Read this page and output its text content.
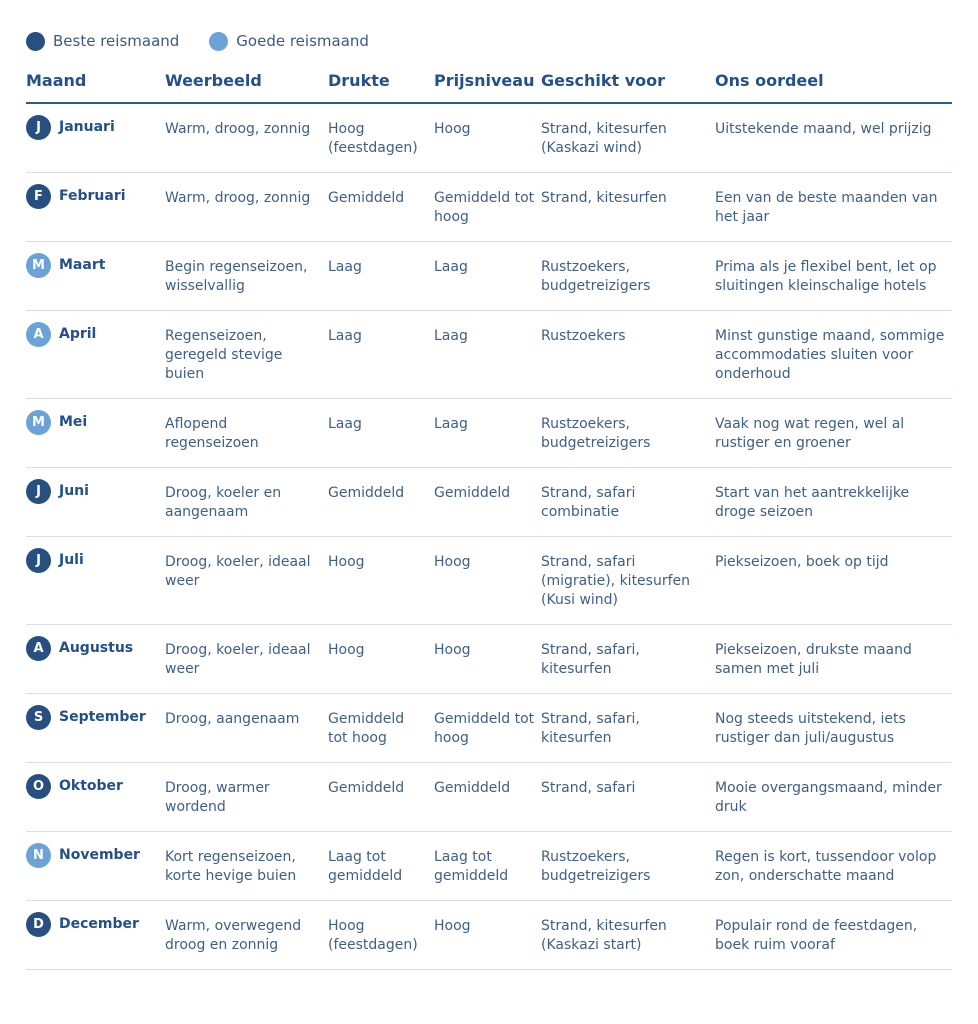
Beste reismaand	Goede reismaand
Maand	Weerbeeld	Drukte	Prijsniveau	Geschikt voor	Ons oordeel

J Januari	Warm, droog, zonnig	Hoog (feestdagen)	Hoog	Strand, kitesurfen (Kaskazi wind)	Uitstekende maand, wel prijzig

F Februari	Warm, droog, zonnig	Gemiddeld	Gemiddeld tot hoog	Strand, kitesurfen	Een van de beste maanden van het jaar

M Maart	Begin regenseizoen, wisselvallig	Laag	Laag	Rustzoekers, budgetreizigers	Prima als je flexibel bent, let op sluitingen kleinschalige hotels

A April	Regenseizoen, geregeld stevige buien	Laag	Laag	Rustzoekers	Minst gunstige maand, sommige accommodaties sluiten voor onderhoud

M Mei	Aflopend regenseizoen	Laag	Laag	Rustzoekers, budgetreizigers	Vaak nog wat regen, wel al rustiger en groener

J Juni	Droog, koeler en aangenaam	Gemiddeld	Gemiddeld	Strand, safari combinatie	Start van het aantrekkelijke droge seizoen

J Juli	Droog, koeler, ideaal weer	Hoog	Hoog	Strand, safari (migratie), kitesurfen (Kusi wind)	Piekseizoen, boek op tijd

A Augustus	Droog, koeler, ideaal weer	Hoog	Hoog	Strand, safari, kitesurfen	Piekseizoen, drukste maand samen met juli

S September	Droog, aangenaam	Gemiddeld tot hoog	Gemiddeld tot hoog	Strand, safari, kitesurfen	Nog steeds uitstekend, iets rustiger dan juli/augustus

O Oktober	Droog, warmer wordend	Gemiddeld	Gemiddeld	Strand, safari	Mooie overgangsmaand, minder druk

N November	Kort regenseizoen, korte hevige buien	Laag tot gemiddeld	Laag tot gemiddeld	Rustzoekers, budgetreizigers	Regen is kort, tussendoor volop zon, onderschatte maand

D December	Warm, overwegend droog en zonnig	Hoog (feestdagen)	Hoog	Strand, kitesurfen (Kaskazi start)	Populair rond de feestdagen, boek ruim vooraf
